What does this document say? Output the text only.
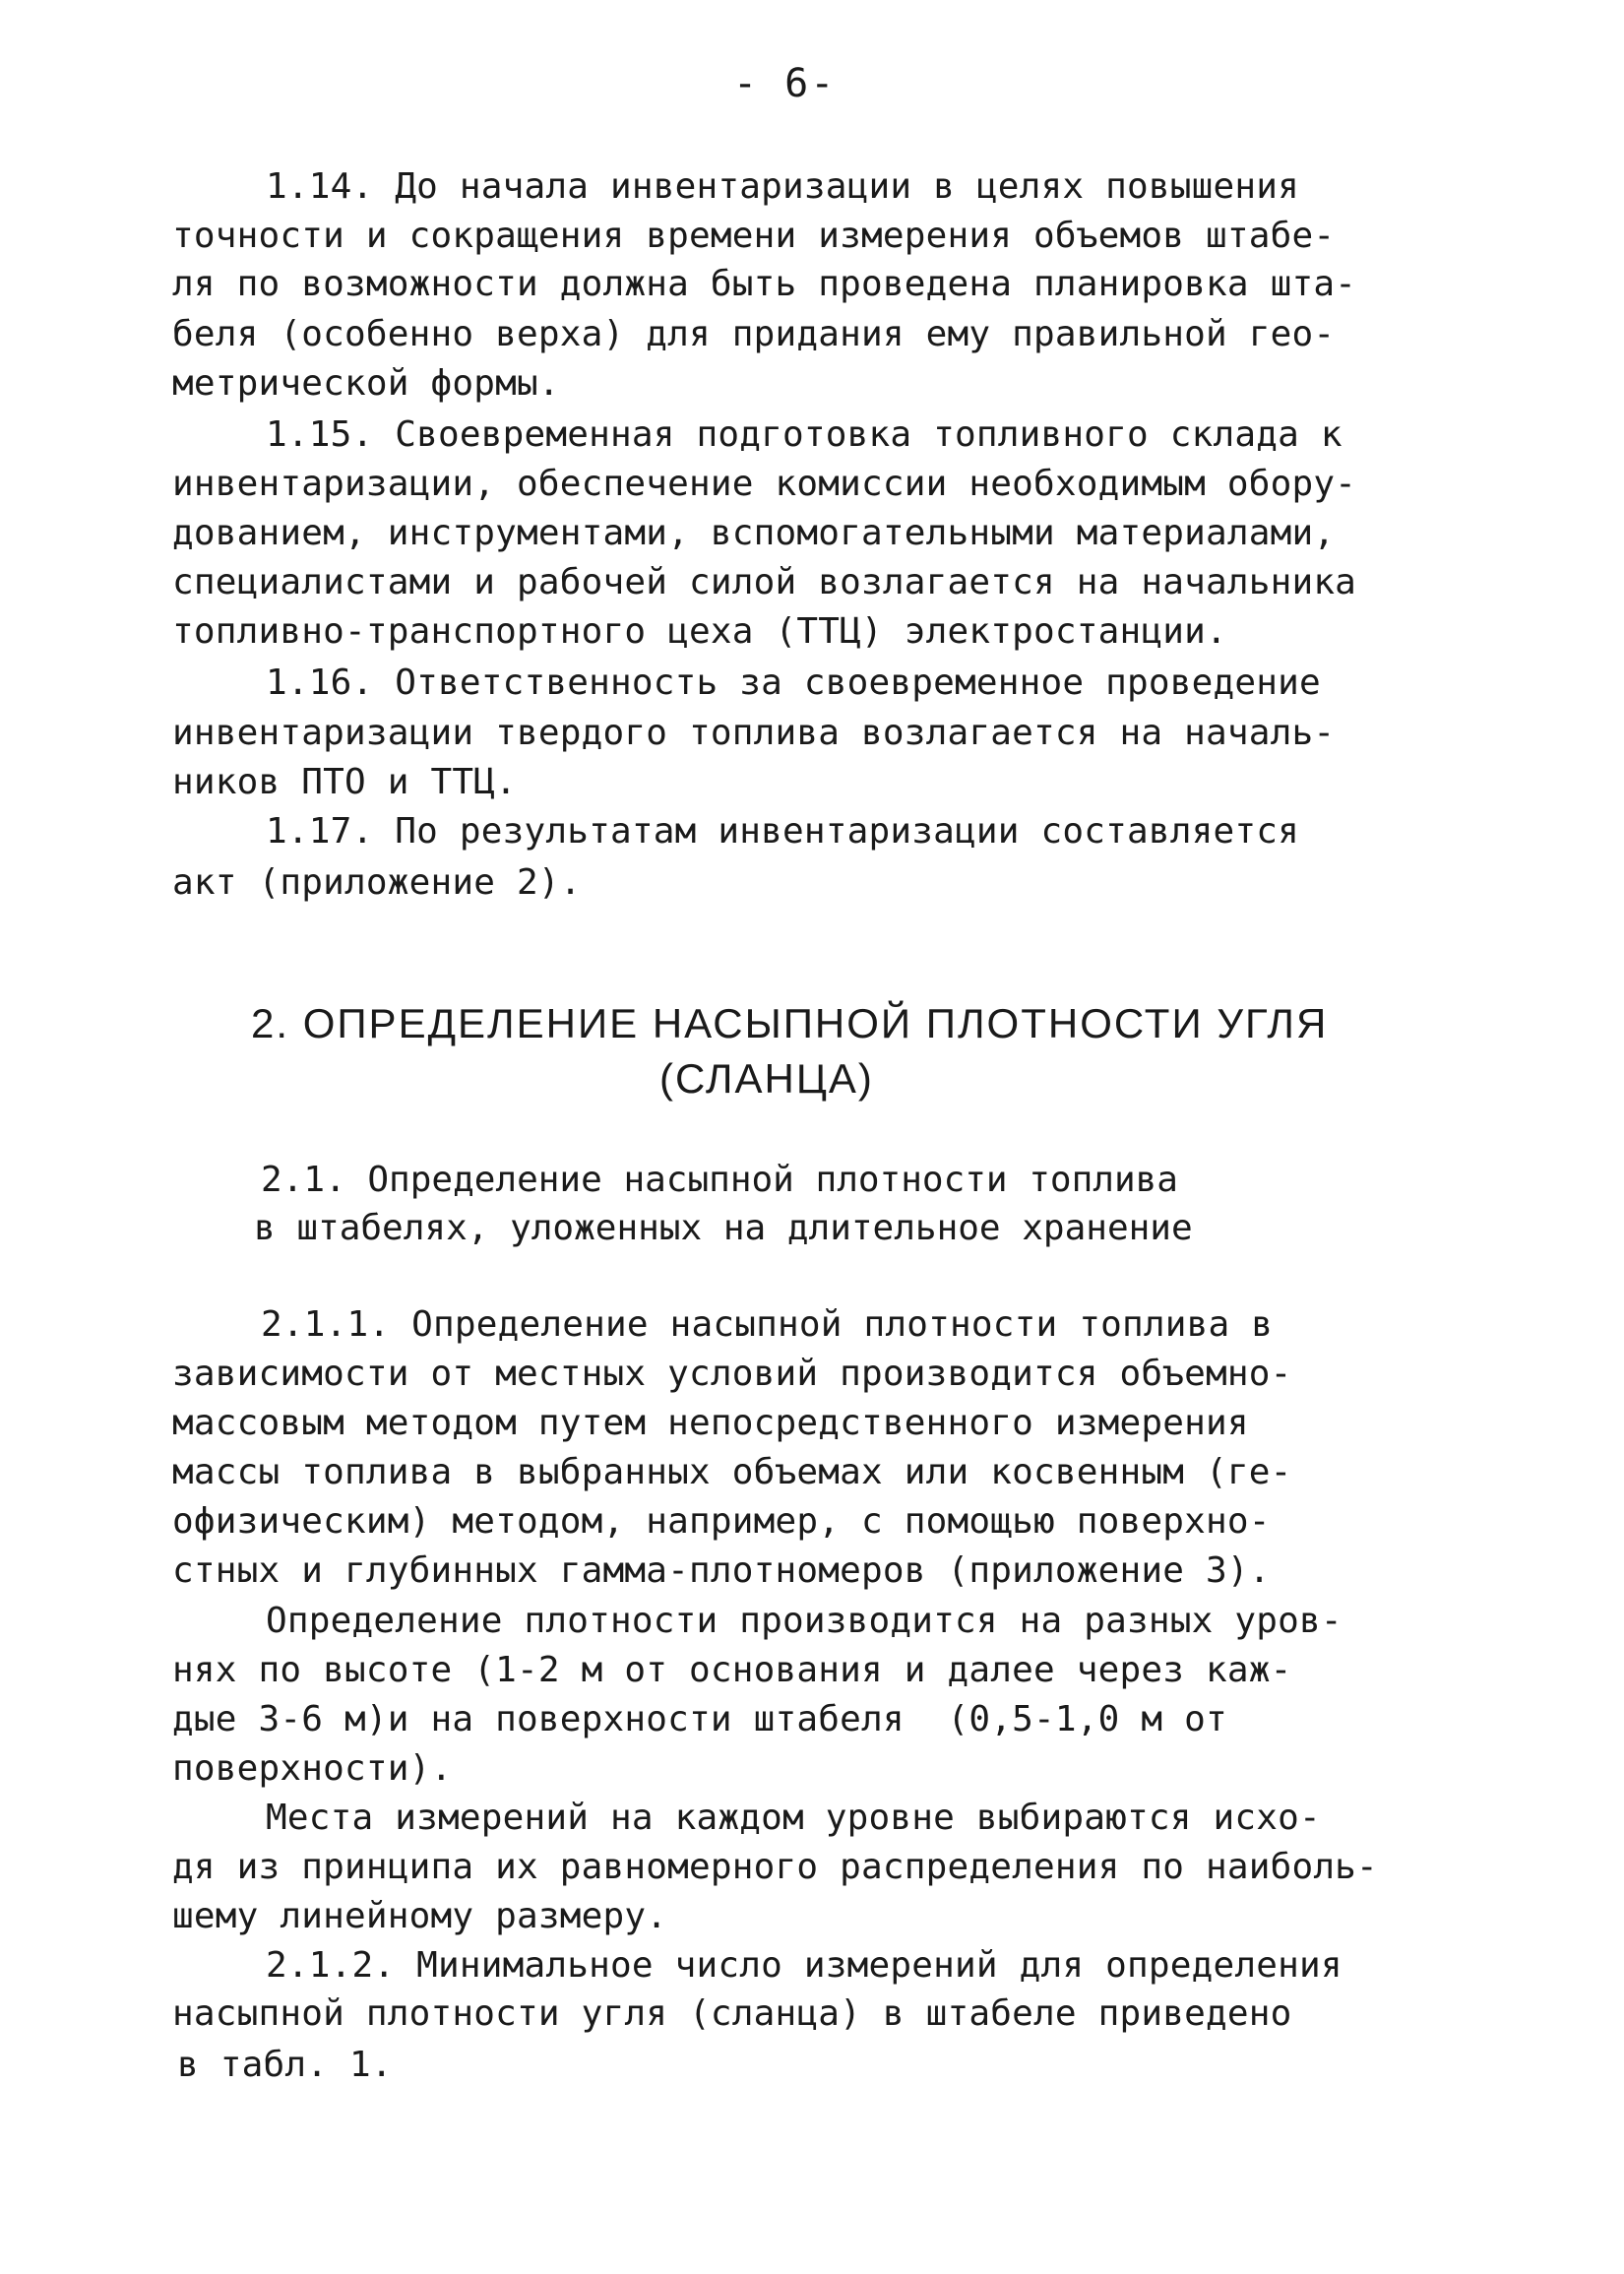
- 6-
1.14. До начала инвентаризации в целях повышения
точности и сокращения времени измерения объемов штабе-
ля по возможности должна быть проведена планировка шта-
беля (особенно верха) для придания ему правильной гео-
метрической формы.
1.15. Своевременная подготовка топливного склада к
инвентаризации, обеспечение комиссии необходимым обору-
дованием, инструментами, вспомогательными материалами,
специалистами и рабочей силой возлагается на начальника
топливно-транспортного цеха (ТТЦ) электростанции.
1.16. Ответственность за своевременное проведение
инвентаризации твердого топлива возлагается на началь-
ников ПТО и ТТЦ.
1.17. По результатам инвентаризации составляется
акт (приложение 2).
2. ОПРЕДЕЛЕНИЕ НАСЫПНОЙ ПЛОТНОСТИ УГЛЯ
(СЛАНЦА)
2.1. Определение насыпной плотности топлива
в штабелях, уложенных на длительное хранение
2.1.1. Определение насыпной плотности топлива в
зависимости от местных условий производится объемно-
массовым методом путем непосредственного измерения
массы топлива в выбранных объемах или косвенным (ге-
офизическим) методом, например, с помощью поверхно-
стных и глубинных гамма-плотномеров (приложение 3).
Определение плотности производится на разных уров-
нях по высоте (1-2 м от основания и далее через каж-
дые 3-6 м)и на поверхности штабеля  (0,5-1,0 м от
поверхности).
Места измерений на каждом уровне выбираются исхо-
дя из принципа их равномерного распределения по наиболь-
шему линейному размеру.
2.1.2. Минимальное число измерений для определения
насыпной плотности угля (сланца) в штабеле приведено
в табл. 1.
